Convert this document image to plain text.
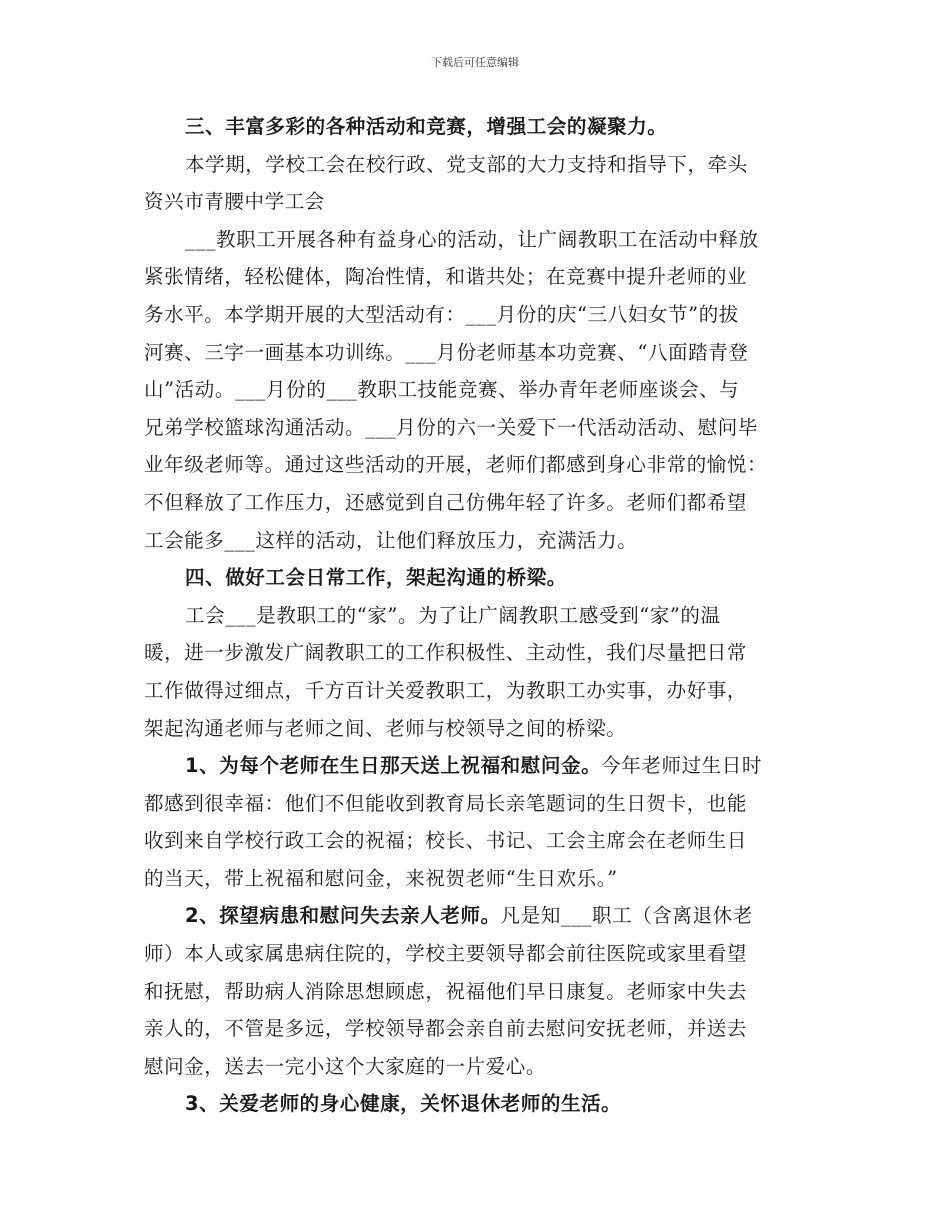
下载后可任意编辑
三、丰富多彩的各种活动和竞赛，增强工会的凝聚力。
本学期，学校工会在校行政、党支部的大力支持和指导下，牵头
资兴市青腰中学工会
___教职工开展各种有益身心的活动，让广阔教职工在活动中释放
紧张情绪，轻松健体，陶冶性情，和谐共处；在竞赛中提升老师的业
务水平。本学期开展的大型活动有：___月份的庆“三八妇女节”的拔
河赛、三字一画基本功训练。___月份老师基本功竞赛、“八面踏青登
山”活动。___月份的___教职工技能竞赛、举办青年老师座谈会、与
兄弟学校篮球沟通活动。___月份的六一关爱下一代活动活动、慰问毕
业年级老师等。通过这些活动的开展，老师们都感到身心非常的愉悦：
不但释放了工作压力，还感觉到自己仿佛年轻了许多。老师们都希望
工会能多___这样的活动，让他们释放压力，充满活力。
四、做好工会日常工作，架起沟通的桥梁。
工会___是教职工的“家”。为了让广阔教职工感受到“家”的温
暖，进一步激发广阔教职工的工作积极性、主动性，我们尽量把日常
工作做得过细点，千方百计关爱教职工，为教职工办实事，办好事，
架起沟通老师与老师之间、老师与校领导之间的桥梁。
1、为每个老师在生日那天送上祝福和慰问金。今年老师过生日时
都感到很幸福：他们不但能收到教育局长亲笔题词的生日贺卡，也能
收到来自学校行政工会的祝福；校长、书记、工会主席会在老师生日
的当天，带上祝福和慰问金，来祝贺老师“生日欢乐。”
2、探望病患和慰问失去亲人老师。凡是知___职工（含离退休老
师）本人或家属患病住院的，学校主要领导都会前往医院或家里看望
和抚慰，帮助病人消除思想顾虑，祝福他们早日康复。老师家中失去
亲人的，不管是多远，学校领导都会亲自前去慰问安抚老师，并送去
慰问金，送去一完小这个大家庭的一片爱心。
3、关爱老师的身心健康，关怀退休老师的生活。
